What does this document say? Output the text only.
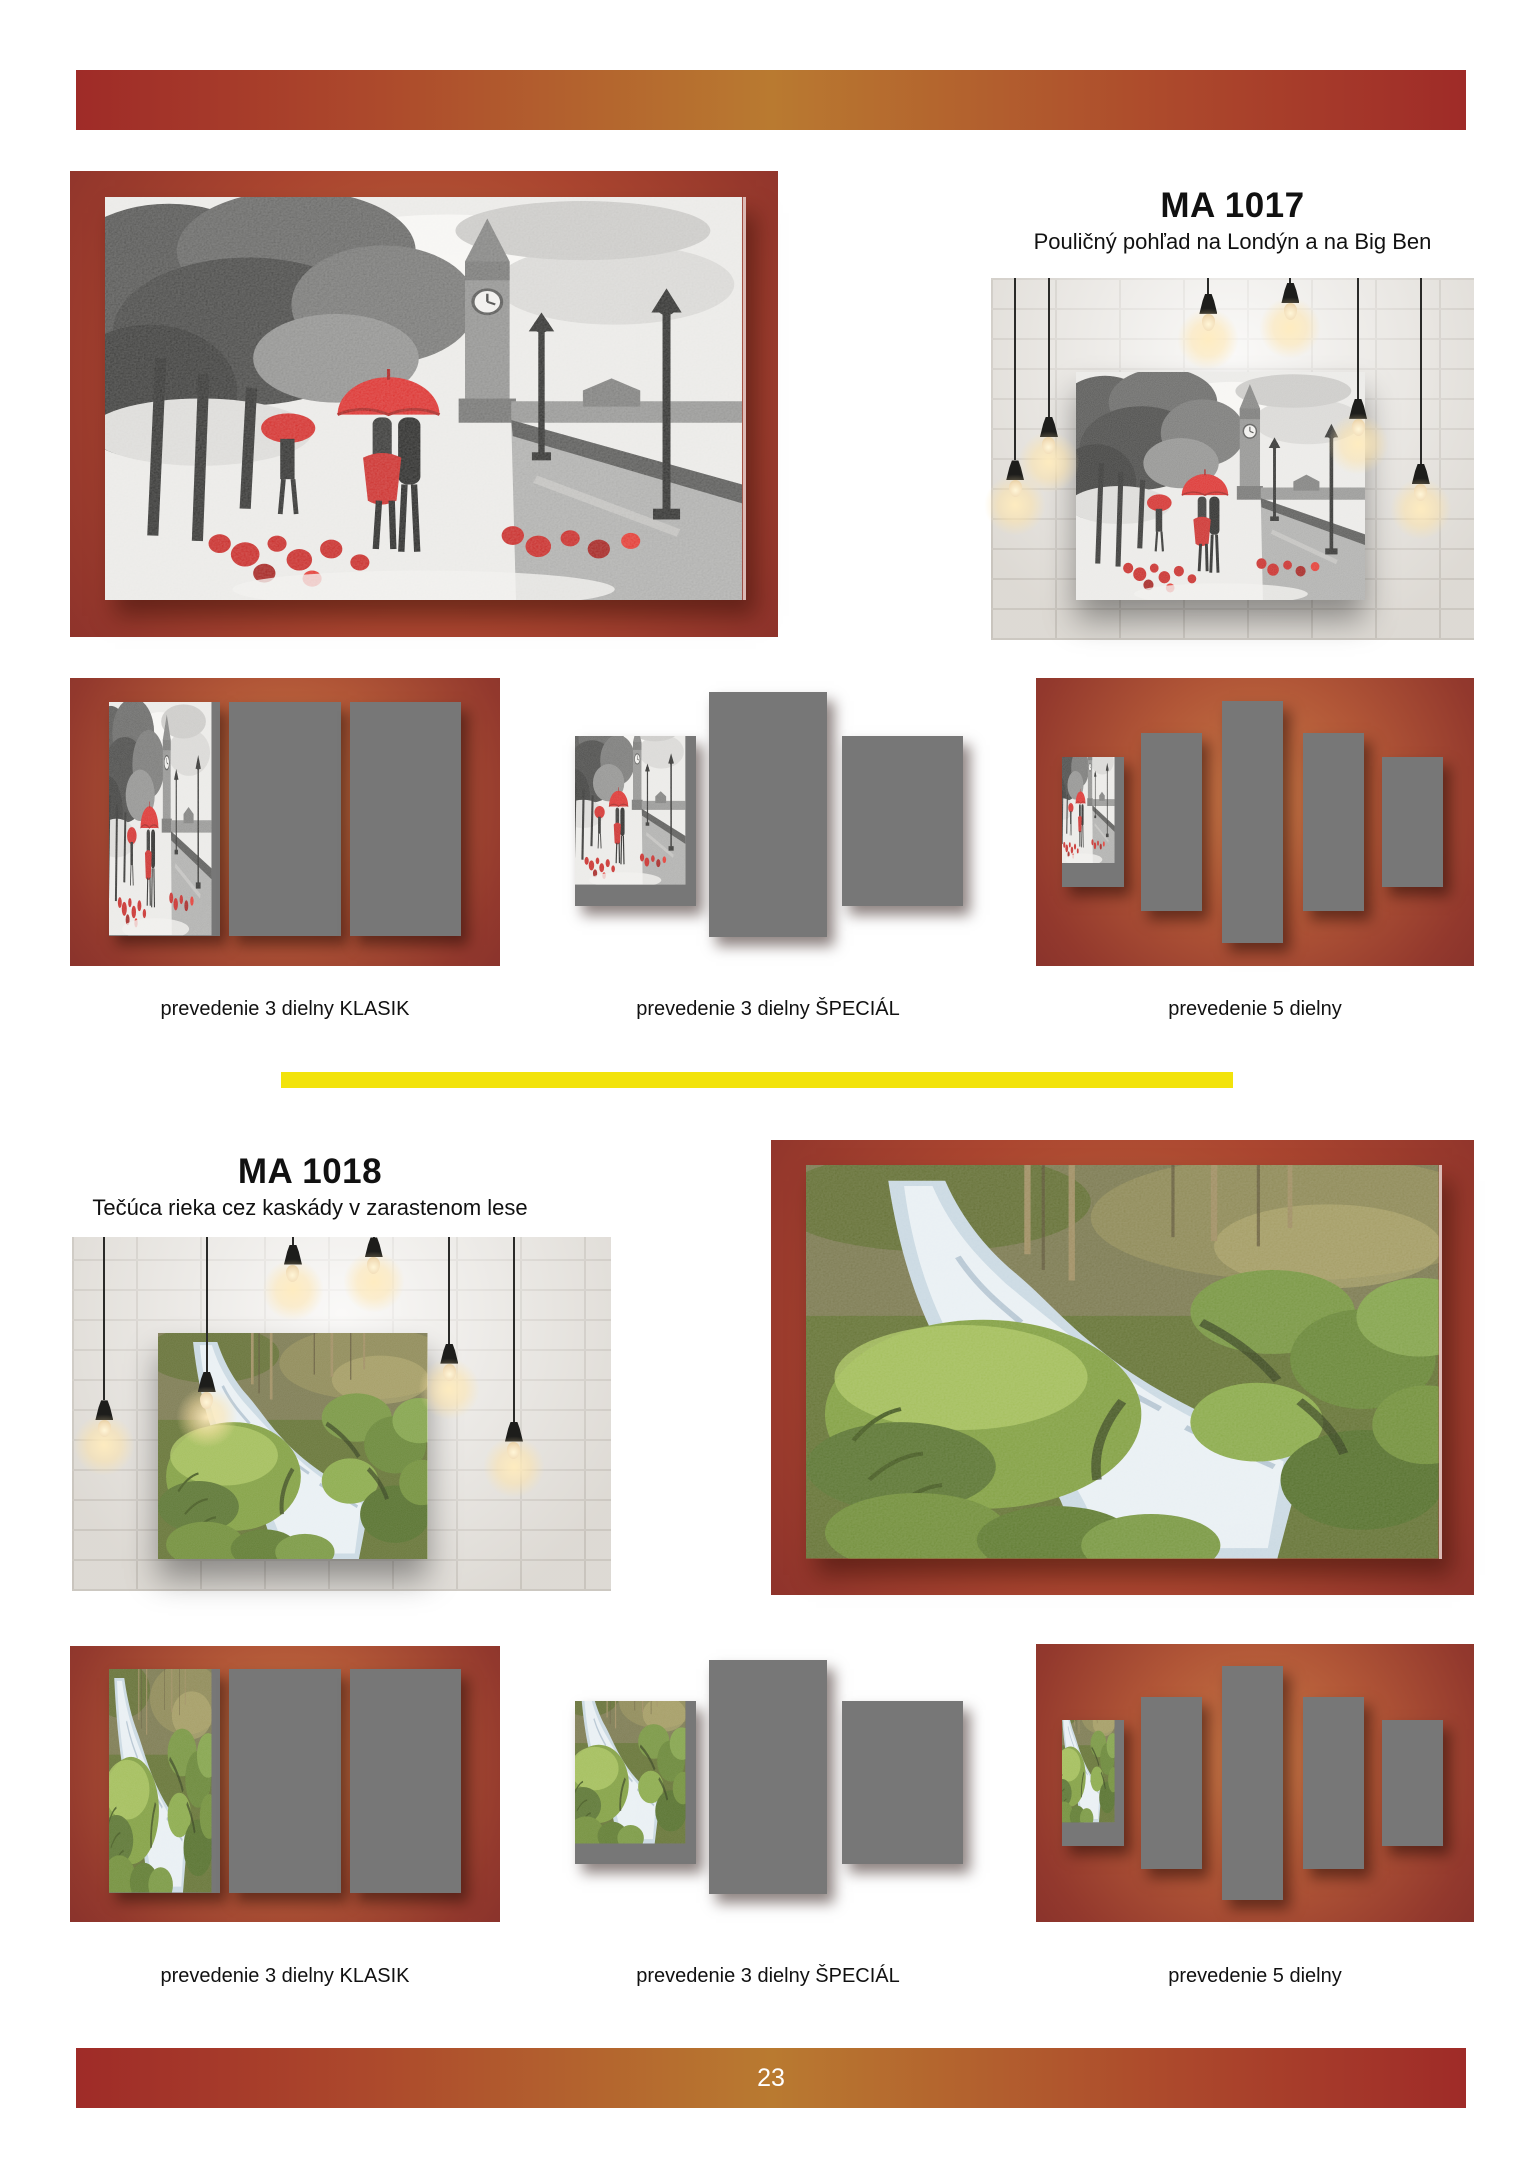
MA 1017

Pouličný pohľad na Londýn a na Big Ben

prevedenie 3 dielny KLASIK	prevedenie 3 dielny ŠPECIÁL	prevedenie 5 dielny
MA 1018

Tečúca rieka cez kaskády v zarastenom lese

prevedenie 3 dielny KLASIK	prevedenie 3 dielny ŠPECIÁL	prevedenie 5 dielny
23
